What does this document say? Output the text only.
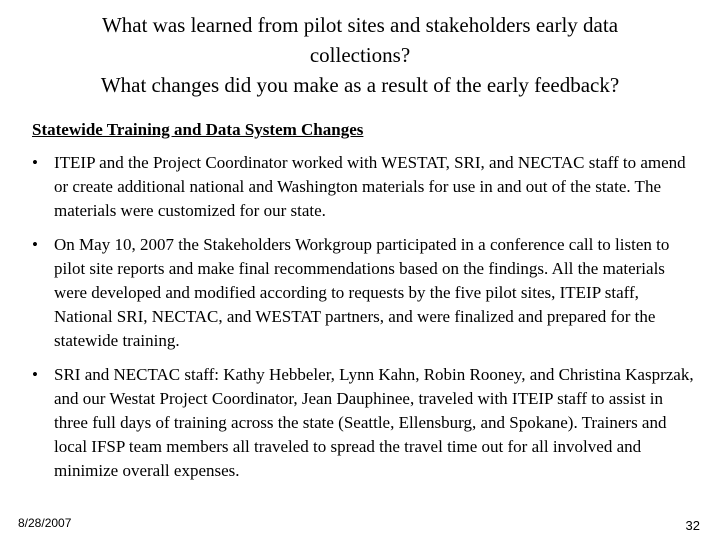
What was learned from pilot sites and stakeholders early data
collections?
What changes did you make as a result of the early feedback?
Statewide Training and Data System Changes
• ITEIP and the Project Coordinator worked with WESTAT, SRI, and NECTAC staff to amend or create additional national and Washington materials for use in and out of the state. The materials were customized for our state.
• On May 10, 2007 the Stakeholders Workgroup participated in a conference call to listen to pilot site reports and make final recommendations based on the findings. All the materials were developed and modified according to requests by the five pilot sites, ITEIP staff, National SRI, NECTAC, and WESTAT partners, and were finalized and prepared for the statewide training.
• SRI and NECTAC staff: Kathy Hebbeler, Lynn Kahn, Robin Rooney, and Christina Kasprzak, and our Westat Project Coordinator, Jean Dauphinee, traveled with ITEIP staff to assist in three full days of training across the state (Seattle, Ellensburg, and Spokane). Trainers and local IFSP team members all traveled to spread the travel time out for all involved and minimize overall expenses.
8/28/2007	32
